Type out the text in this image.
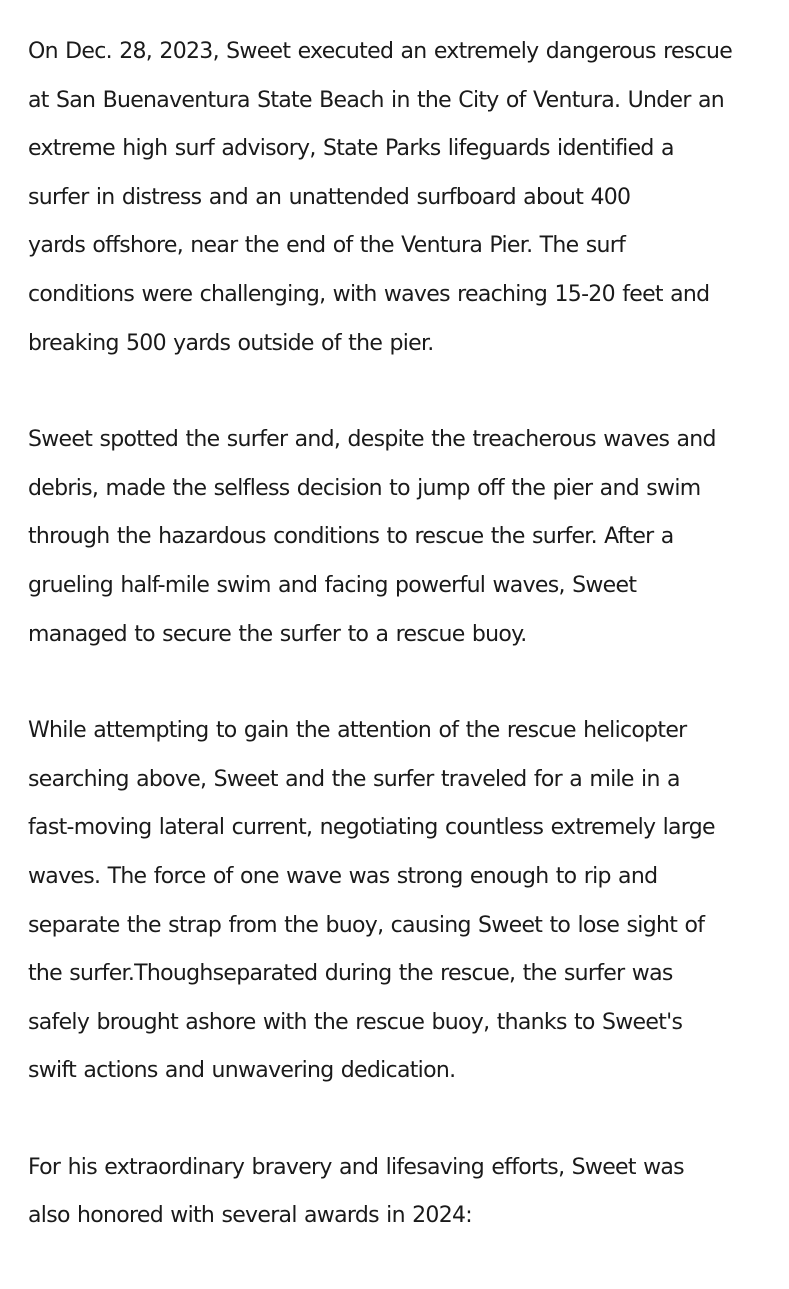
On Dec. 28, 2023, Sweet executed an extremely dangerous rescue
at San Buenaventura State Beach in the City of Ventura. Under an
extreme high surf advisory, State Parks lifeguards identified a
surfer in distress and an unattended surfboard about 400
yards offshore, near the end of the Ventura Pier. The surf
conditions were challenging, with waves reaching 15-20 feet and
breaking 500 yards outside of the pier.

Sweet spotted the surfer and, despite the treacherous waves and
debris, made the selfless decision to jump off the pier and swim
through the hazardous conditions to rescue the surfer. After a
grueling half-mile swim and facing powerful waves, Sweet
managed to secure the surfer to a rescue buoy.

While attempting to gain the attention of the rescue helicopter
searching above, Sweet and the surfer traveled for a mile in a
fast-moving lateral current, negotiating countless extremely large
waves. The force of one wave was strong enough to rip and
separate the strap from the buoy, causing Sweet to lose sight of
the surfer.Thoughseparated during the rescue, the surfer was
safely brought ashore with the rescue buoy, thanks to Sweet's
swift actions and unwavering dedication.

For his extraordinary bravery and lifesaving efforts, Sweet was
also honored with several awards in 2024:
